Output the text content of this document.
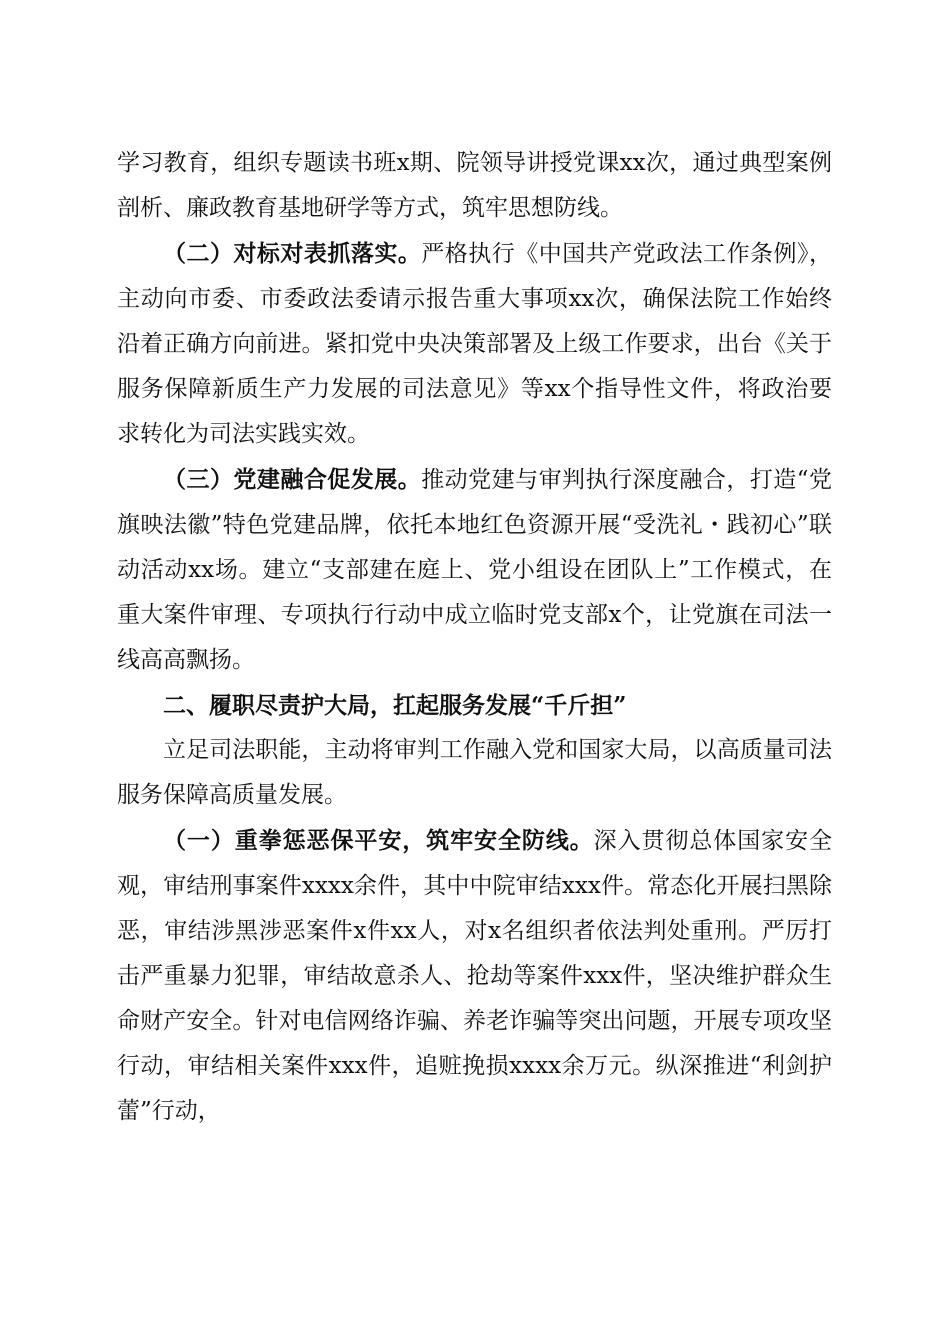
学习教育，组织专题读书班x期、院领导讲授党课xx次，通过典型案例剖析、廉政教育基地研学等方式，筑牢思想防线。

（二）对标对表抓落实。严格执行《中国共产党政法工作条例》，主动向市委、市委政法委请示报告重大事项xx次，确保法院工作始终沿着正确方向前进。紧扣党中央决策部署及上级工作要求，出台《关于服务保障新质生产力发展的司法意见》等xx个指导性文件，将政治要求转化为司法实践实效。

（三）党建融合促发展。推动党建与审判执行深度融合，打造“党旗映法徽”特色党建品牌，依托本地红色资源开展“受洗礼・践初心”联动活动xx场。建立“支部建在庭上、党小组设在团队上”工作模式，在重大案件审理、专项执行行动中成立临时党支部x个，让党旗在司法一线高高飘扬。

二、履职尽责护大局，扛起服务发展“千斤担”

立足司法职能，主动将审判工作融入党和国家大局，以高质量司法服务保障高质量发展。

（一）重拳惩恶保平安，筑牢安全防线。深入贯彻总体国家安全观，审结刑事案件xxxx余件，其中中院审结xxx件。常态化开展扫黑除恶，审结涉黑涉恶案件x件xx人，对x名组织者依法判处重刑。严厉打击严重暴力犯罪，审结故意杀人、抢劫等案件xxx件，坚决维护群众生命财产安全。针对电信网络诈骗、养老诈骗等突出问题，开展专项攻坚行动，审结相关案件xxx件，追赃挽损xxxx余万元。纵深推进“利剑护蕾”行动，
